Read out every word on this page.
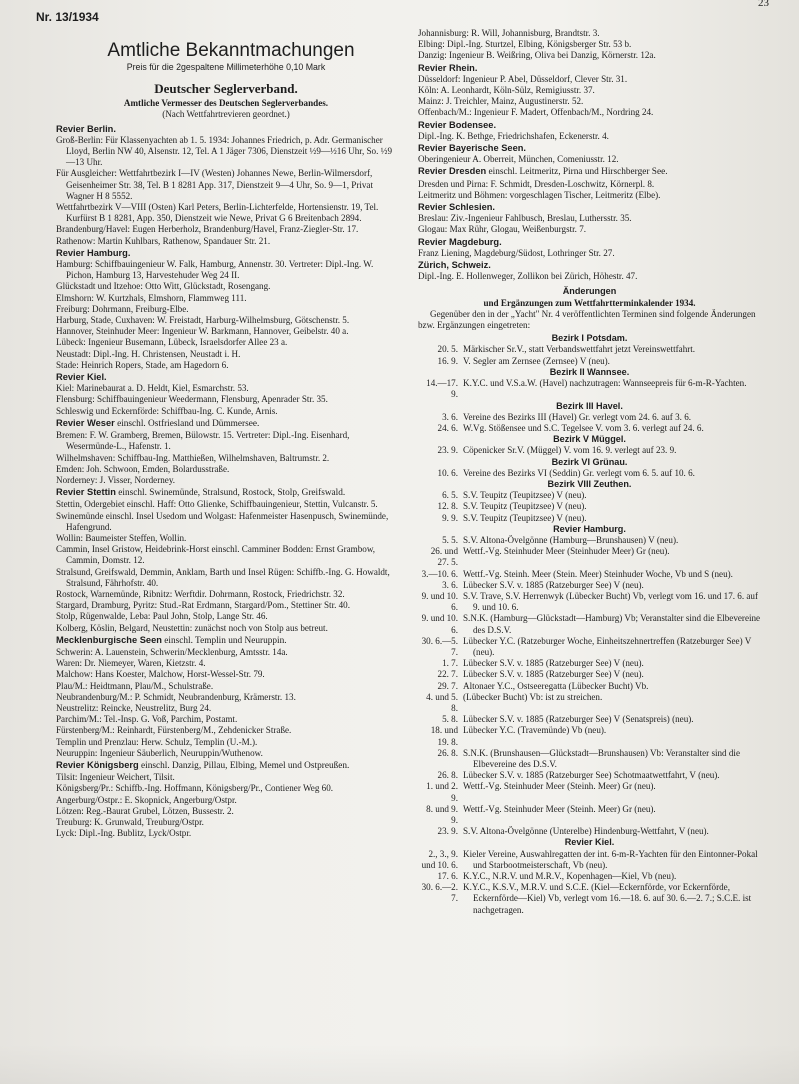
Nr. 13/1934
23
Amtliche Bekanntmachungen
Preis für die 2gespaltene Millimeterhöhe 0,10 Mark
Deutscher Seglerverband.
Amtliche Vermesser des Deutschen Seglerverbandes.
(Nach Wettfahrtrevieren geordnet.)
Revier Berlin.
Groß-Berlin: Für Klassenyachten ab 1. 5. 1934: Johannes Friedrich, p. Adr. Germanischer Lloyd, Berlin NW 40, Alsenstr. 12, Tel. A 1 Jäger 7306, Dienstzeit ½9—½16 Uhr, So. ½9—13 Uhr.
Für Ausgleicher: Wettfahrtbezirk I—IV (Westen) Johannes Newe, Berlin-Wilmersdorf, Geisenheimer Str. 38, Tel. B 1 8281 App. 317, Dienstzeit 9—4 Uhr, So. 9—1, Privat Wagner H 8 5552.
Wettfahrtbezirk V—VIII (Osten) Karl Peters, Berlin-Lichterfelde, Hortensienstr. 19, Tel. Kurfürst B 1 8281, App. 350, Dienstzeit wie Newe, Privat G 6 Breitenbach 2894.
Brandenburg/Havel: Eugen Herberholz, Brandenburg/Havel, Franz-Ziegler-Str. 17.
Rathenow: Martin Kuhlbars, Rathenow, Spandauer Str. 21.
Revier Hamburg.
Hamburg: Schiffbauingenieur W. Falk, Hamburg, Annenstr. 30. Vertreter: Dipl.-Ing. W. Pichon, Hamburg 13, Harvestehuder Weg 24 II.
Glückstadt und Itzehoe: Otto Witt, Glückstadt, Rosengang.
Elmshorn: W. Kurtzhals, Elmshorn, Flammweg 111.
Freiburg: Dohrmann, Freiburg-Elbe.
Harburg, Stade, Cuxhaven: W. Freistadt, Harburg-Wilhelmsburg, Götschenstr. 5.
Hannover, Steinhuder Meer: Ingenieur W. Barkmann, Hannover, Geibelstr. 40 a.
Lübeck: Ingenieur Busemann, Lübeck, Israelsdorfer Allee 23 a.
Neustadt: Dipl.-Ing. H. Christensen, Neustadt i. H.
Stade: Heinrich Ropers, Stade, am Hagedorn 6.
Revier Kiel.
Kiel: Marinebaurat a. D. Heldt, Kiel, Esmarchstr. 53.
Flensburg: Schiffbauingenieur Weedermann, Flensburg, Apenrader Str. 35.
Schleswig und Eckernförde: Schiffbau-Ing. C. Kunde, Arnis.
Revier Weser einschl. Ostfriesland und Dümmersee.
Bremen: F. W. Gramberg, Bremen, Bülowstr. 15. Vertreter: Dipl.-Ing. Eisenhard, Wesermünde-L., Hafenstr. 1.
Wilhelmshaven: Schiffbau-Ing. Matthießen, Wilhelmshaven, Baltrumstr. 2.
Emden: Joh. Schwoon, Emden, Bolardusstraße.
Norderney: J. Visser, Norderney.
Revier Stettin einschl. Swinemünde, Stralsund, Rostock, Stolp, Greifswald.
Stettin, Odergebiet einschl. Haff: Otto Glienke, Schiffbauingenieur, Stettin, Vulcanstr. 5.
Swinemünde einschl. Insel Usedom und Wolgast: Hafenmeister Hasenpusch, Swinemünde, Hafengrund.
Wollin: Baumeister Steffen, Wollin.
Cammin, Insel Gristow, Heidebrink-Horst einschl. Camminer Bodden: Ernst Grambow, Cammin, Domstr. 12.
Stralsund, Greifswald, Demmin, Anklam, Barth und Insel Rügen: Schiffb.-Ing. G. Howaldt, Stralsund, Fährhofstr. 40.
Rostock, Warnemünde, Ribnitz: Werftdir. Dohrmann, Rostock, Friedrichstr. 32.
Stargard, Dramburg, Pyritz: Stud.-Rat Erdmann, Stargard/Pom., Stettiner Str. 40.
Stolp, Rügenwalde, Leba: Paul John, Stolp, Lange Str. 46.
Kolberg, Köslin, Belgard, Neustettin: zunächst noch von Stolp aus betreut.
Mecklenburgische Seen einschl. Templin und Neuruppin.
Schwerin: A. Lauenstein, Schwerin/Mecklenburg, Amtsstr. 14a.
Waren: Dr. Niemeyer, Waren, Kietzstr. 4.
Malchow: Hans Koester, Malchow, Horst-Wessel-Str. 79.
Plau/M.: Heidtmann, Plau/M., Schulstraße.
Neubrandenburg/M.: P. Schmidt, Neubrandenburg, Krämerstr. 13.
Neustrelitz: Reincke, Neustrelitz, Burg 24.
Parchim/M.: Tel.-Insp. G. Voß, Parchim, Postamt.
Fürstenberg/M.: Reinhardt, Fürstenberg/M., Zehdenicker Straße.
Templin und Prenzlau: Herw. Schulz, Templin (U.-M.).
Neuruppin: Ingenieur Säuberlich, Neuruppin/Wuthenow.
Revier Königsberg einschl. Danzig, Pillau, Elbing, Memel und Ostpreußen.
Tilsit: Ingenieur Weichert, Tilsit.
Königsberg/Pr.: Schiffb.-Ing. Hoffmann, Königsberg/Pr., Contiener Weg 60.
Angerburg/Ostpr.: E. Skopnick, Angerburg/Ostpr.
Lötzen: Reg.-Baurat Grubel, Lötzen, Bussestr. 2.
Treuburg: K. Grunwald, Treuburg/Ostpr.
Lyck: Dipl.-Ing. Bublitz, Lyck/Ostpr.
Johannisburg: R. Will, Johannisburg, Brandtstr. 3.
Elbing: Dipl.-Ing. Sturtzel, Elbing, Königsberger Str. 53 b.
Danzig: Ingenieur B. Weißring, Oliva bei Danzig, Körnerstr. 12a.
Revier Rhein.
Düsseldorf: Ingenieur P. Abel, Düsseldorf, Clever Str. 31.
Köln: A. Leonhardt, Köln-Sülz, Remigiusstr. 37.
Mainz: J. Treichler, Mainz, Augustinerstr. 52.
Offenbach/M.: Ingenieur F. Madert, Offenbach/M., Nordring 24.
Revier Bodensee.
Dipl.-Ing. K. Bethge, Friedrichshafen, Eckenerstr. 4.
Revier Bayerische Seen.
Oberingenieur A. Oberreit, München, Comeniusstr. 12.
Revier Dresden einschl. Leitmeritz, Pirna und Hirschberger See.
Dresden und Pirna: F. Schmidt, Dresden-Loschwitz, Körnerpl. 8.
Leitmeritz und Böhmen: vorgeschlagen Tischer, Leitmeritz (Elbe).
Revier Schlesien.
Breslau: Ziv.-Ingenieur Fahlbusch, Breslau, Luthersstr. 35.
Glogau: Max Rühr, Glogau, Weißenburgstr. 7.
Revier Magdeburg.
Franz Liening, Magdeburg/Südost, Lothringer Str. 27.
Zürich, Schweiz.
Dipl.-Ing. E. Hollenweger, Zollikon bei Zürich, Höhestr. 47.
Änderungen
und Ergänzungen zum Wettfahrtterminkalender 1934.
Gegenüber den in der „Yacht" Nr. 4 veröffentlichten Terminen sind folgende Änderungen bzw. Ergänzungen eingetreten:
Bezirk I Potsdam.
20. 5. Märkischer Sr.V., statt Verbandswettfahrt jetzt Vereinswettfahrt.
16. 9. V. Segler am Zernsee (Zernsee) V (neu).
Bezirk II Wannsee.
14.—17. 9.
K.Y.C. und V.S.a.W. (Havel) nachzutragen: Wannseepreis für 6-m-R-Yachten.
Bezirk III Havel.
3. 6. Vereine des Bezirks III (Havel) Gr. verlegt vom 24. 6. auf 3. 6.
24. 6. W.Vg. Stößensee und S.C. Tegelsee V. vom 3. 6. verlegt auf 24. 6.
Bezirk V Müggel.
23. 9. Cöpenicker Sr.V. (Müggel) V. vom 16. 9. verlegt auf 23. 9.
Bezirk VI Grünau.
10. 6. Vereine des Bezirks VI (Seddin) Gr. verlegt vom 6. 5. auf 10. 6.
Bezirk VIII Zeuthen.
6. 5. S.V. Teupitz (Teupitzsee) V (neu).
12. 8. S.V. Teupitz (Teupitzsee) V (neu).
9. 9. S.V. Teupitz (Teupitzsee) V (neu).
Revier Hamburg.
5. 5. S.V. Altona-Övelgönne (Hamburg—Brunshausen) V (neu).
26. und 27. 5.
Wettf.-Vg. Steinhuder Meer (Steinhuder Meer) Gr (neu).
3.—10. 6. Wettf.-Vg. Steinh. Meer (Stein. Meer) Steinhuder Woche, Vb und S (neu).
3. 6. Lübecker S.V. v. 1885 (Ratzeburger See) V (neu).
9. und 10. 6.
S.V. Trave, S.V. Herrenwyk (Lübecker Bucht) Vb, verlegt vom 16. und 17. 6. auf 9. und 10. 6.
9. und 10. 6.
S.N.K. (Hamburg—Glückstadt—Hamburg) Vb; Veranstalter sind die Elbevereine des D.S.V.
30. 6.—5. 7.
Lübecker Y.C. (Ratzeburger Woche, Einheitszehnertreffen (Ratzeburger See) V (neu).
1. 7. Lübecker S.V. v. 1885 (Ratzeburger See) V (neu).
22. 7. Lübecker S.V. v. 1885 (Ratzeburger See) V (neu).
29. 7. Altonaer Y.C., Ostseeregatta (Lübecker Bucht) Vb.
4. und 5. 8.
(Lübecker Bucht) Vb: ist zu streichen.
5. 8. Lübecker S.V. v. 1885 (Ratzeburger See) V (Senatspreis) (neu).
18. und 19. 8.
Lübecker Y.C. (Travemünde) Vb (neu).
26. 8. S.N.K. (Brunshausen—Glückstadt—Brunshausen) Vb: Veranstalter sind die Elbevereine des D.S.V.
26. 8. Lübecker S.V. v. 1885 (Ratzeburger See) Schotmaatwettfahrt, V (neu).
1. und 2. 9.
Wettf.-Vg. Steinhuder Meer (Steinh. Meer) Gr (neu).
8. und 9. 9.
Wettf.-Vg. Steinhuder Meer (Steinh. Meer) Gr (neu).
23. 9. S.V. Altona-Övelgönne (Unterelbe) Hindenburg-Wettfahrt, V (neu).
Revier Kiel.
2., 3., 9. und 10. 6.
Kieler Vereine, Auswahlregatten der int. 6-m-R-Yachten für den Eintonner-Pokal und Starbootmeisterschaft, Vb (neu).
17. 6. K.Y.C., N.R.V. und M.R.V., Kopenhagen—Kiel, Vb (neu).
30. 6.—2. 7.
K.Y.C., K.S.V., M.R.V. und S.C.E. (Kiel—Eckernförde, vor Eckernförde, Eckernförde—Kiel) Vb, verlegt vom 16.—18. 6. auf 30. 6.—2. 7.; S.C.E. ist nachgetragen.
